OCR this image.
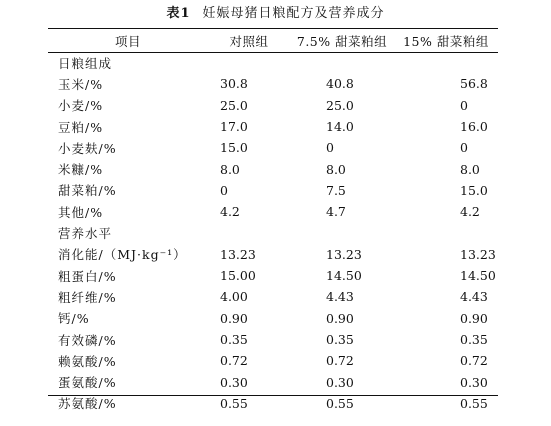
表1 妊娠母猪日粮配方及营养成分
项目	对照组	7.5% 甜菜粕组	15% 甜菜粕组
日粮组成			
玉米/%	30.8	40.8	56.8
小麦/%	25.0	25.0	0
豆粕/%	17.0	14.0	16.0
小麦麸/%	15.0	0	0
米糠/%	8.0	8.0	8.0
甜菜粕/%	0	7.5	15.0
其他/%	4.2	4.7	4.2
营养水平			
消化能/（MJ·kg⁻¹）	13.23	13.23	13.23
粗蛋白/%	15.00	14.50	14.50
粗纤维/%	4.00	4.43	4.43
钙/%	0.90	0.90	0.90
有效磷/%	0.35	0.35	0.35
赖氨酸/%	0.72	0.72	0.72
蛋氨酸/%	0.30	0.30	0.30
苏氨酸/%	0.55	0.55	0.55
